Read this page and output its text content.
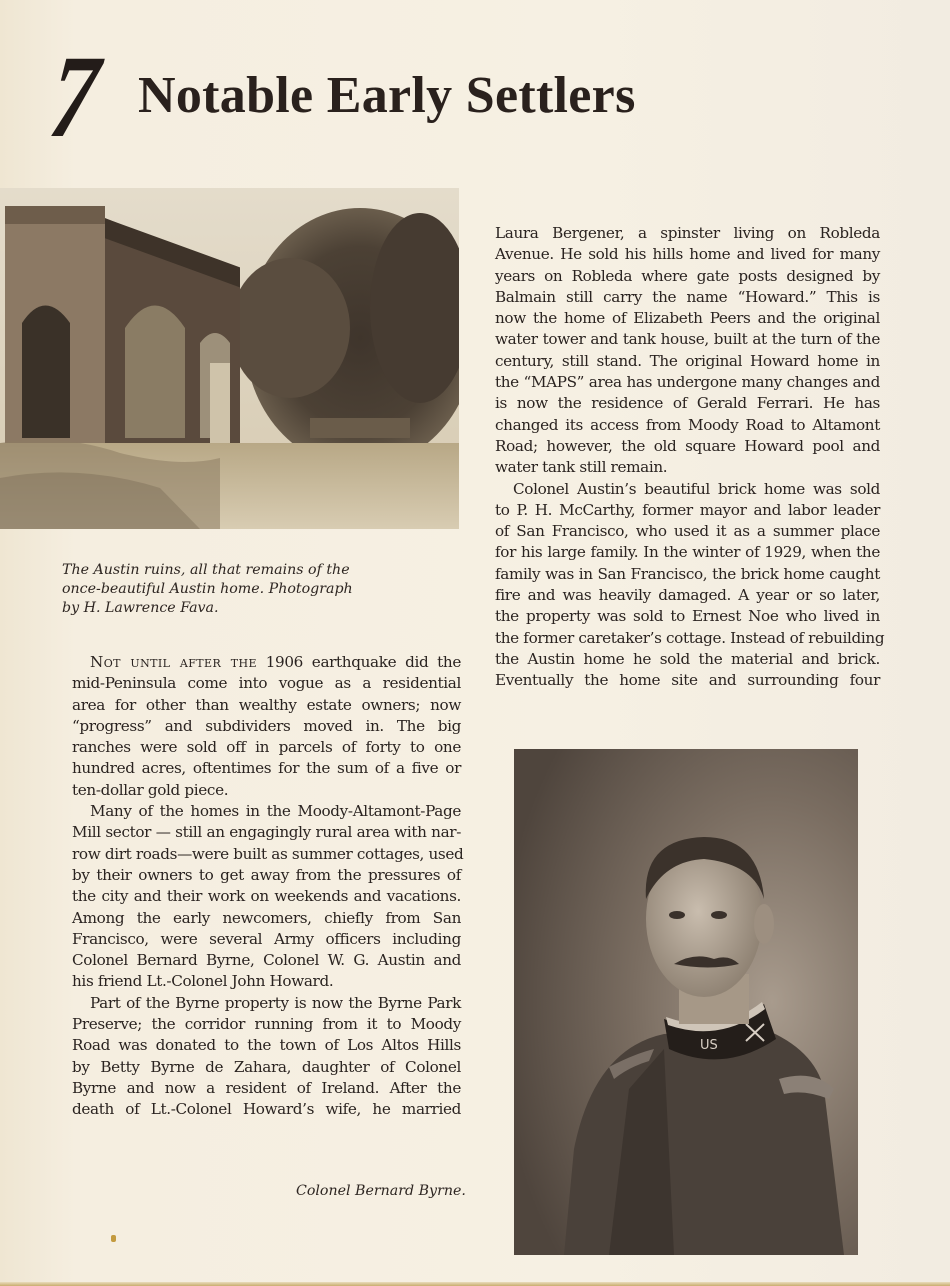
7 Notable Early Settlers
The Austin ruins, all that remains of the
once-beautiful Austin home. Photograph
by H. Lawrence Fava.
Not until after the 1906 earthquake did the
mid-Peninsula come into vogue as a residential
area for other than wealthy estate owners; now
“progress” and subdividers moved in. The big
ranches were sold off in parcels of forty to one
hundred acres, oftentimes for the sum of a five or
ten-dollar gold piece.
Many of the homes in the Moody-Altamont-Page
Mill sector — still an engagingly rural area with nar-
row dirt roads—were built as summer cottages, used
by their owners to get away from the pressures of
the city and their work on weekends and vacations.
Among the early newcomers, chiefly from San
Francisco, were several Army officers including
Colonel Bernard Byrne, Colonel W. G. Austin and
his friend Lt.-Colonel John Howard.
Part of the Byrne property is now the Byrne Park
Preserve; the corridor running from it to Moody
Road was donated to the town of Los Altos Hills
by Betty Byrne de Zahara, daughter of Colonel
Byrne and now a resident of Ireland. After the
death of Lt.-Colonel Howard’s wife, he married
Laura Bergener, a spinster living on Robleda
Avenue. He sold his hills home and lived for many
years on Robleda where gate posts designed by
Balmain still carry the name “Howard.” This is
now the home of Elizabeth Peers and the original
water tower and tank house, built at the turn of the
century, still stand. The original Howard home in
the “MAPS” area has undergone many changes and
is now the residence of Gerald Ferrari. He has
changed its access from Moody Road to Altamont
Road; however, the old square Howard pool and
water tank still remain.
Colonel Austin’s beautiful brick home was sold
to P. H. McCarthy, former mayor and labor leader
of San Francisco, who used it as a summer place
for his large family. In the winter of 1929, when the
family was in San Francisco, the brick home caught
fire and was heavily damaged. A year or so later,
the property was sold to Ernest Noe who lived in
the former caretaker’s cottage. Instead of rebuilding
the Austin home he sold the material and brick.
Eventually the home site and surrounding four
US
Colonel Bernard Byrne.
